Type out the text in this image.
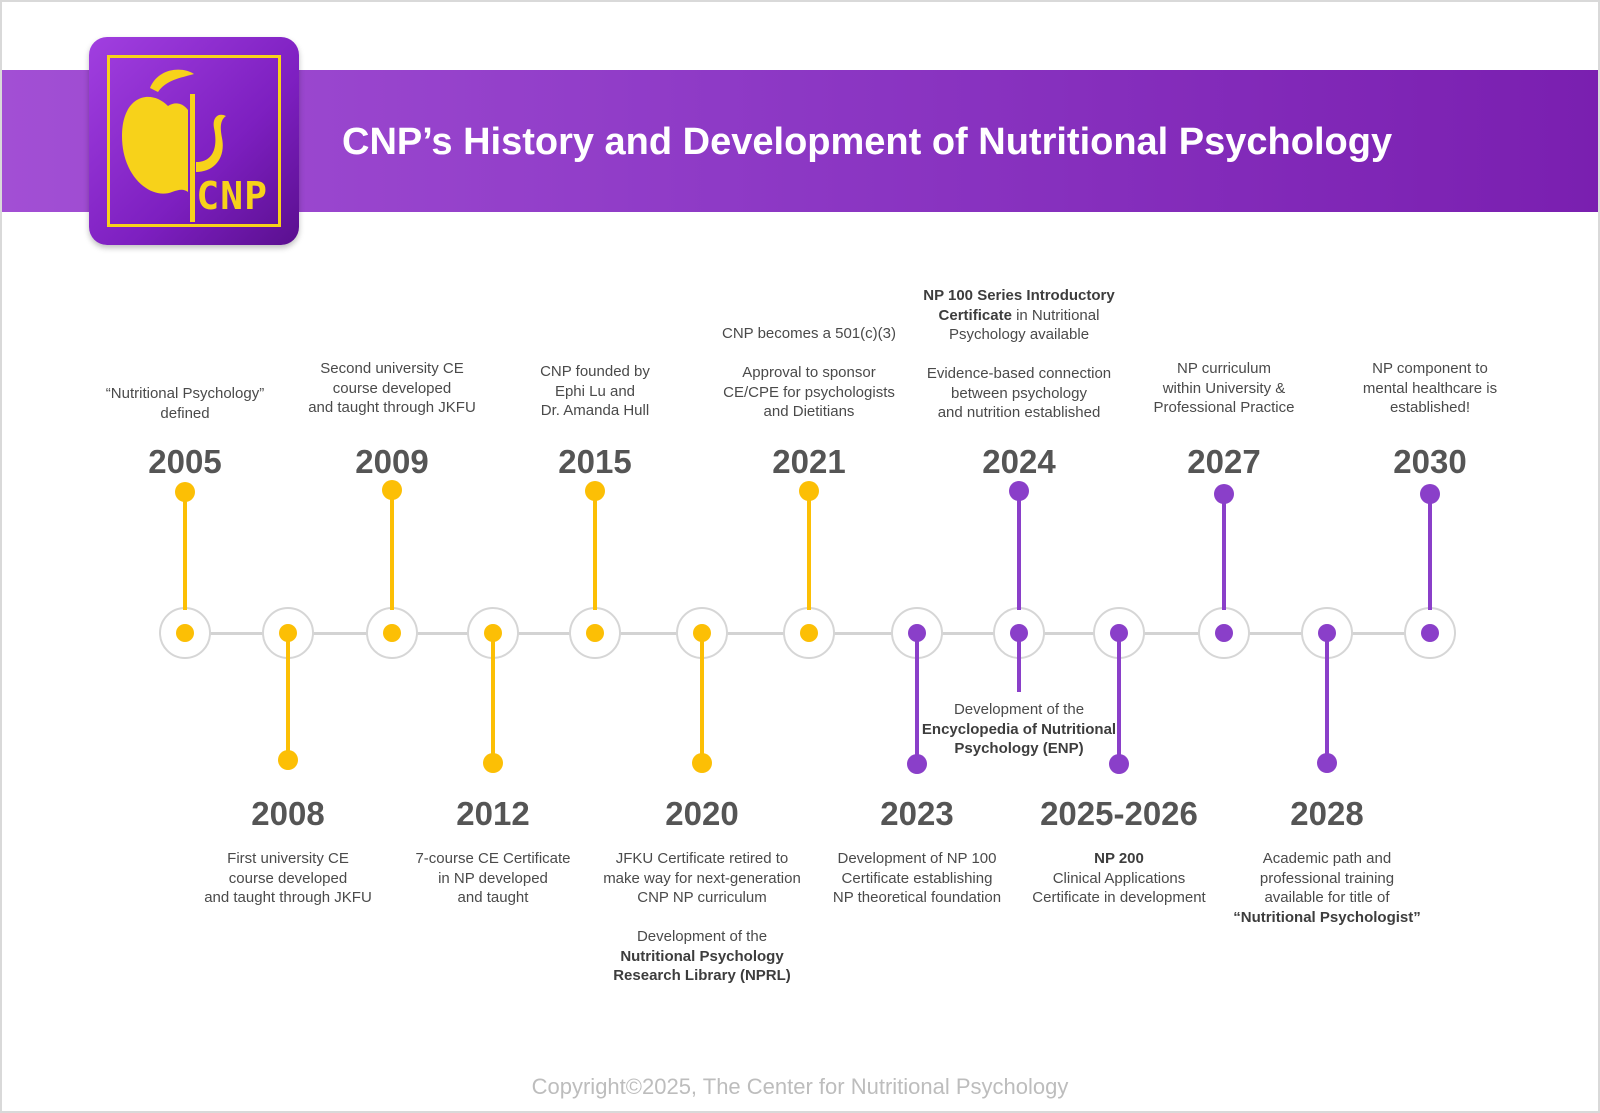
CNP’s History and Development of Nutritional Psychology
CNP
2005
“Nutritional Psychology”
defined
2008
First university CE
course developed
and taught through JKFU
2009
Second university CE
course developed
and taught through JKFU
2012
7-course CE Certificate
in NP developed
and taught
2015
CNP founded by
Ephi Lu and
Dr. Amanda Hull
2020
JFKU Certificate retired to
make way for next-generation
CNP NP curriculum

Development of the
Nutritional Psychology
Research Library (NPRL)
2021
CNP becomes a 501(c)(3)

Approval to sponsor
CE/CPE for psychologists
and Dietitians
2023
Development of NP 100
Certificate establishing
NP theoretical foundation
2024
NP 100 Series Introductory
Certificate in Nutritional
Psychology available

Evidence-based connection
between psychology
and nutrition established
Development of the
Encyclopedia of Nutritional
Psychology (ENP)
2025-2026
NP 200
Clinical Applications
Certificate in development
2027
NP curriculum
within University &
Professional Practice
2028
Academic path and
professional training
available for title of
“Nutritional Psychologist”
2030
NP component to
mental healthcare is
established!
Copyright©2025, The Center for Nutritional Psychology
